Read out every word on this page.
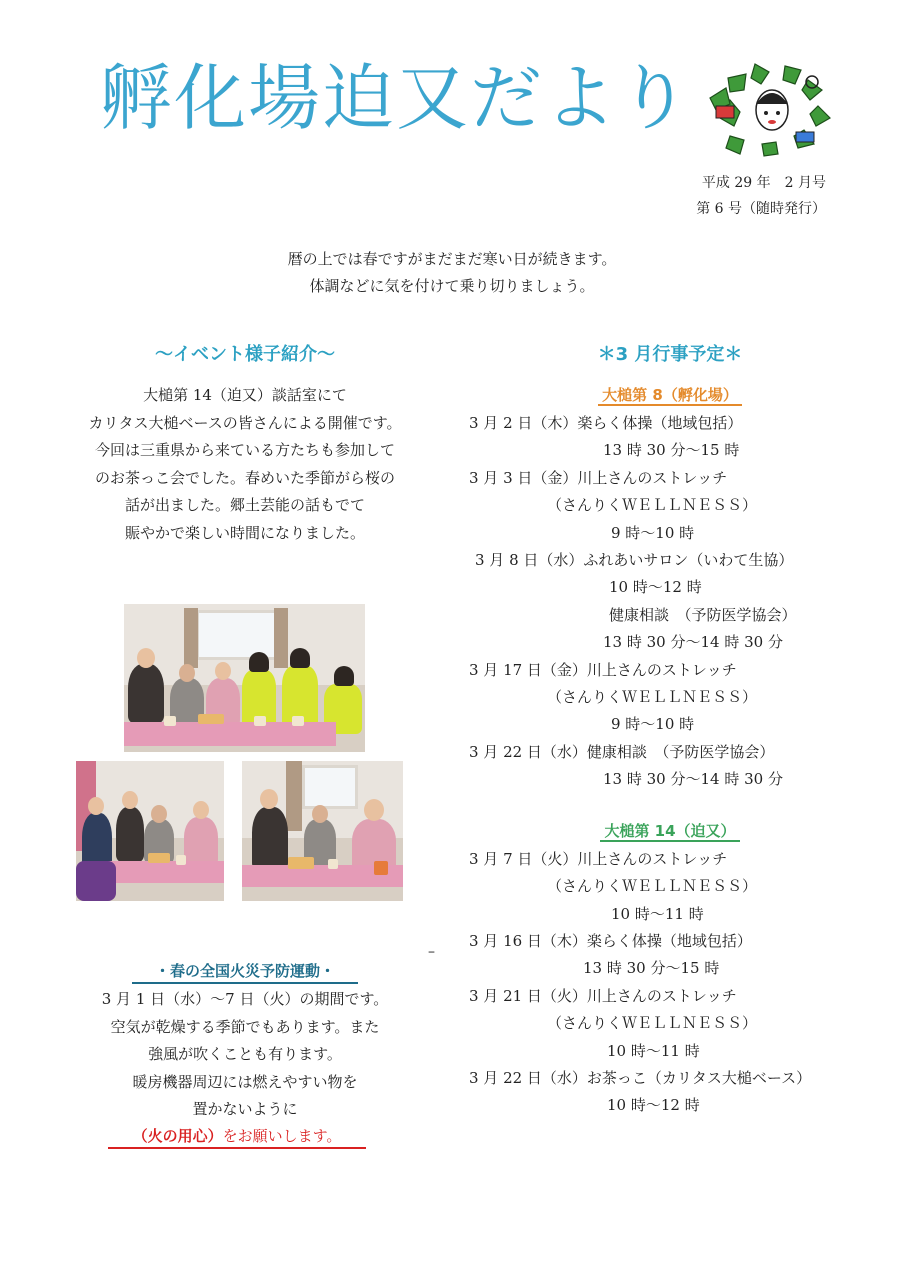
孵化場迫又だより
平成 29 年　2 月号
第 6 号（随時発行）
暦の上では春ですがまだまだ寒い日が続きます。
体調などに気を付けて乗り切りましょう。
～イベント様子紹介～
大槌第 14（迫又）談話室にて
カリタス大槌ベースの皆さんによる開催です。
今回は三重県から来ている方たちも参加して
のお茶っこ会でした。春めいた季節がら桜の
話が出ました。郷土芸能の話もでて
賑やかで楽しい時間になりました。
–
・春の全国火災予防運動・
3 月 1 日（水）～7 日（火）の期間です。
空気が乾燥する季節でもあります。また
強風が吹くことも有ります。
暖房機器周辺には燃えやすい物を
置かないように
（火の用心）をお願いします。
＊3 月行事予定＊
大槌第 8（孵化場）
3 月 2 日（木）楽らく体操（地域包括）
13 時 30 分～15 時
3 月 3 日（金）川上さんのストレッチ
（さんりくＷＥＬＬＮＥＳＳ）
9 時～10 時
3 月 8 日（水）ふれあいサロン（いわて生協）
10 時～12 時
健康相談　（予防医学協会）
13 時 30 分～14 時 30 分
3 月 17 日（金）川上さんのストレッチ
（さんりくＷＥＬＬＮＥＳＳ）
9 時～10 時
3 月 22 日（水）健康相談　（予防医学協会）
13 時 30 分～14 時 30 分
大槌第 14（迫又）
3 月 7 日（火）川上さんのストレッチ
（さんりくＷＥＬＬＮＥＳＳ）
10 時～11 時
3 月 16 日（木）楽らく体操（地域包括）
13 時 30 分～15 時
3 月 21 日（火）川上さんのストレッチ
（さんりくＷＥＬＬＮＥＳＳ）
10 時～11 時
3 月 22 日（水）お茶っこ（カリタス大槌ベース）
10 時～12 時
